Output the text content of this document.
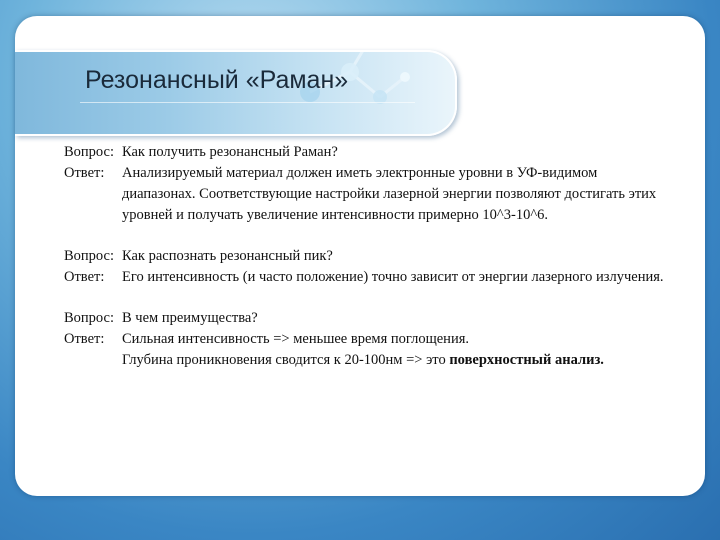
Резонансный «Раман»
Вопрос: Как получить резонансный Раман?
Ответ:	Анализируемый материал должен иметь электронные уровни в УФ-видимом диапазонах. Соответствующие настройки лазерной энергии позволяют достигать этих уровней и получать увеличение интенсивности примерно 10^3-10^6.
Вопрос: Как распознать резонансный пик?
Ответ:	Его интенсивность (и часто положение) точно зависит от энергии лазерного излучения.
Вопрос: В чем преимущества?
Ответ:	Сильная интенсивность => меньшее время поглощения.
Глубина проникновения сводится к 20-100нм => это поверхностный анализ.
